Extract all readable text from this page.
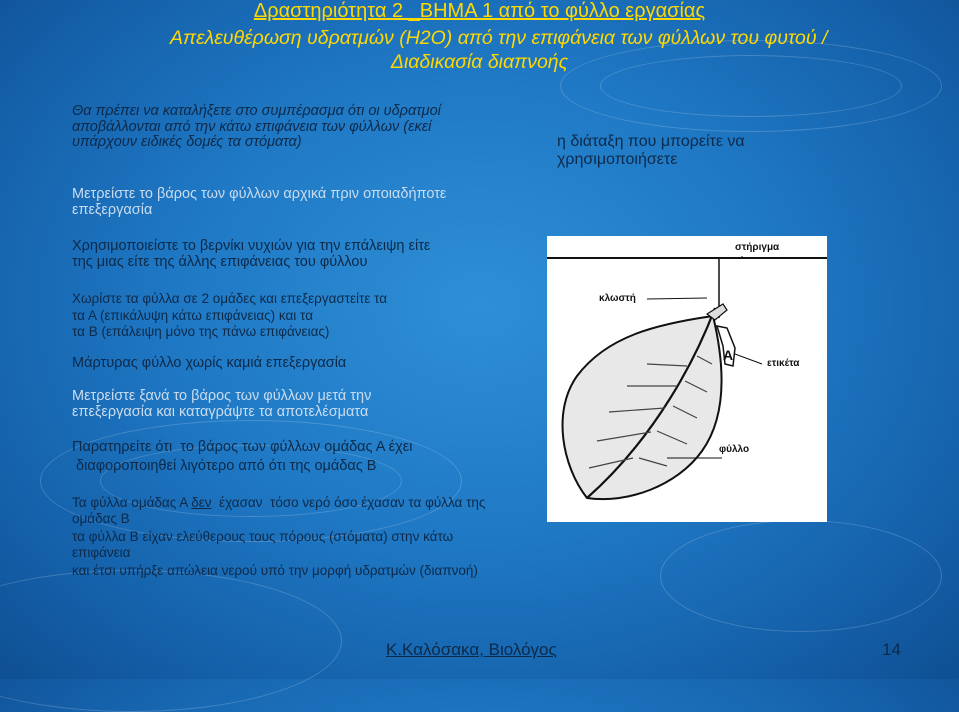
Δραστηριότητα 2 _ΒΗΜΑ 1 από το φύλλο εργασίας

Απελευθέρωση υδρατμών (Η2Ο) από την επιφάνεια των φύλλων του φυτού /

Διαδικασία διαπνοής

Θα πρέπει να καταλήξετε στο συμπέρασμα ότι οι υδρατμοί
αποβάλλονται από την κάτω επιφάνεια των φύλλων (εκεί
υπάρχουν ειδικές δομές τα στόματα)	η διάταξη που μπορείτε να
χρησιμοποιήσετε
Μετρείστε το βάρος των φύλλων αρχικά πριν οποιαδήποτε
επεξεργασία
Χρησιμοποιείστε το βερνίκι νυχιών για την επάλειψη είτε
της μιας είτε της άλλης επιφάνειας του φύλλου
Χωρίστε τα φύλλα σε 2 ομάδες και επεξεργαστείτε τα
τα Α (επικάλυψη κάτω επιφάνειας) και τα
τα Β (επάλειψη μόνο της πάνω επιφάνειας)
Μάρτυρας φύλλο χωρίς καμιά επεξεργασία
Μετρείστε ξανά το βάρος των φύλλων μετά την
επεξεργασία και καταγράψτε τα αποτελέσματα
Παρατηρείτε ότι  το βάρος των φύλλων ομάδας Α έχει
διαφοροποιηθεί λιγότερο από ότι της ομάδας Β
Τα φύλλα ομάδας Α δεν  έχασαν  τόσο νερό όσο έχασαν τα φύλλα της
ομάδας Β
τα φύλλα Β είχαν ελεύθερους τους πόρους (στόματα) στην κάτω
επιφάνεια
και έτσι υπήρξε απώλεια νερού υπό την μορφή υδρατμών (διαπνοή)
Α
στήριγμα
κλωστή
ετικέτα
φύλλο
Κ.Καλόσακα, Βιολόγος	14
